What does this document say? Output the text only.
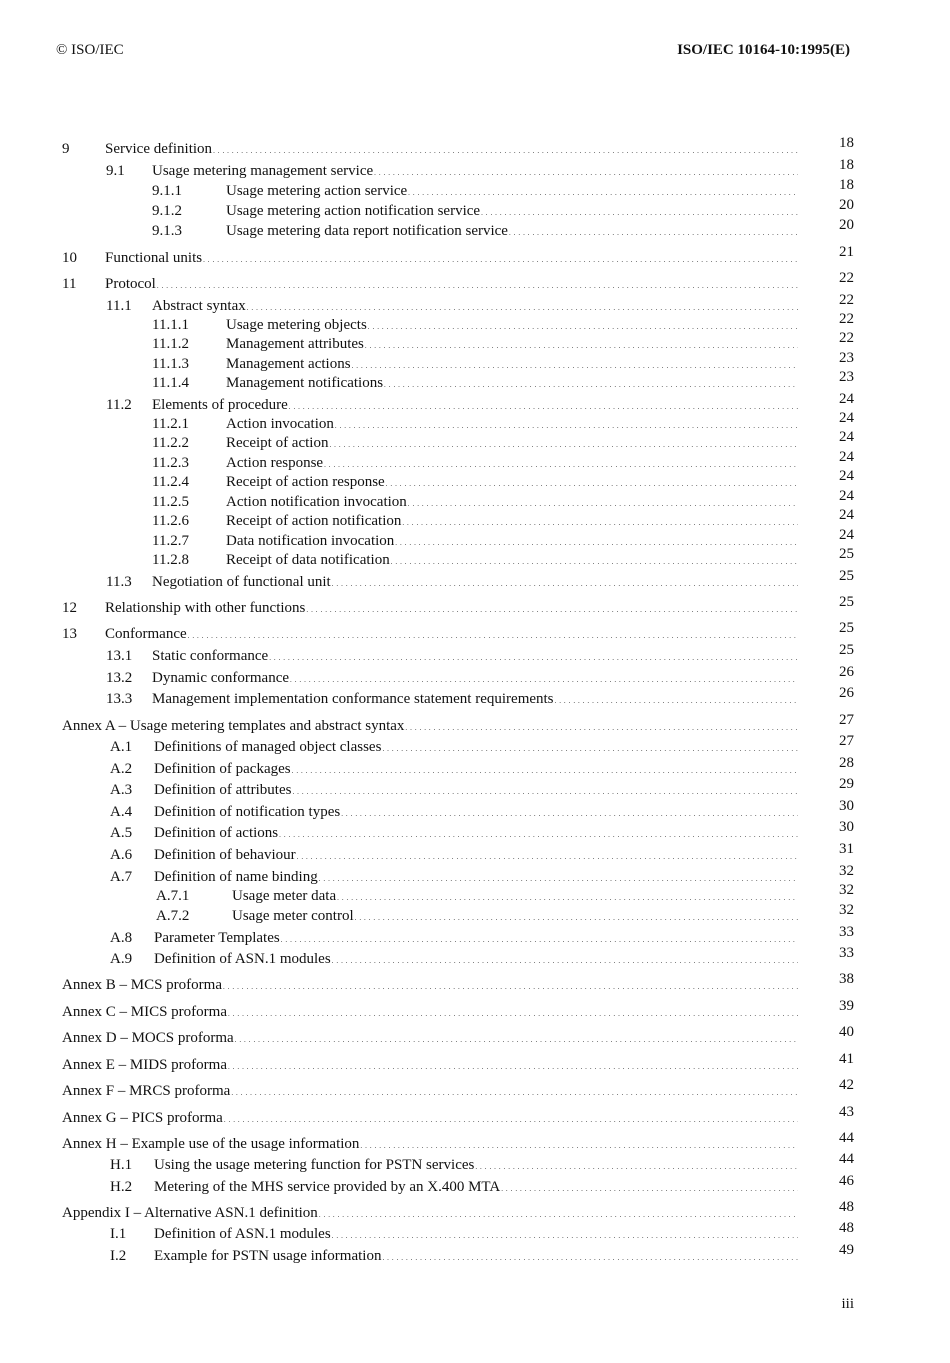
© ISO/IEC	ISO/IEC 10164-10:1995(E)
9 Service definition . . .	18
9.1 Usage metering management service . . .	18
9.1.1	Usage metering action service . . .	18
9.1.2	Usage metering action notification service . . .	20
9.1.3	Usage metering data report notification service . . .	20
10 Functional units . . .	21
11 Protocol . . .	22
11.1 Abstract syntax . . .	22
11.1.1 Usage metering objects . . .	22
11.1.2 Management attributes . . .	22
11.1.3 Management actions . . .	23
11.1.4 Management notifications . . .	23
11.2 Elements of procedure . . .	24
11.2.1 Action invocation . . .	24
11.2.2 Receipt of action . . .	24
11.2.3 Action response . . .	24
11.2.4 Receipt of action response . . .	24
11.2.5 Action notification invocation . . .	24
11.2.6 Receipt of action notification . . .	24
11.2.7 Data notification invocation . . .	24
11.2.8 Receipt of data notification . . .	25
11.3 Negotiation of functional unit . . .	25
12 Relationship with other functions . . .	25
13 Conformance . . .	25
13.1 Static conformance . . .	25
13.2 Dynamic conformance . . .	26
13.3 Management implementation conformance statement requirements . . .	26
Annex A – Usage metering templates and abstract syntax . . .	27
A.1 Definitions of managed object classes . . .	27
A.2 Definition of packages . . .	28
A.3 Definition of attributes . . .	29
A.4 Definition of notification types . . .	30
A.5 Definition of actions . . .	30
A.6 Definition of behaviour . . .	31
A.7 Definition of name binding . . .	32
A.7.1	Usage meter data . . .	32
A.7.2	Usage meter control . . .	32
A.8 Parameter Templates . . .	33
A.9 Definition of ASN.1 modules . . .	33
Annex B – MCS proforma . . .	38
Annex C – MICS proforma . . .	39
Annex D – MOCS proforma . . .	40
Annex E – MIDS proforma . . .	41
Annex F – MRCS proforma . . .	42
Annex G – PICS proforma . . .	43
Annex H – Example use of the usage information . . .	44
H.1 Using the usage metering function for PSTN services . . .	44
H.2 Metering of the MHS service provided by an X.400 MTA . . .	46
Appendix I – Alternative ASN.1 definition . . .	48
I.1 Definition of ASN.1 modules . . .	48
I.2 Example for PSTN usage information . . .	49
iii
